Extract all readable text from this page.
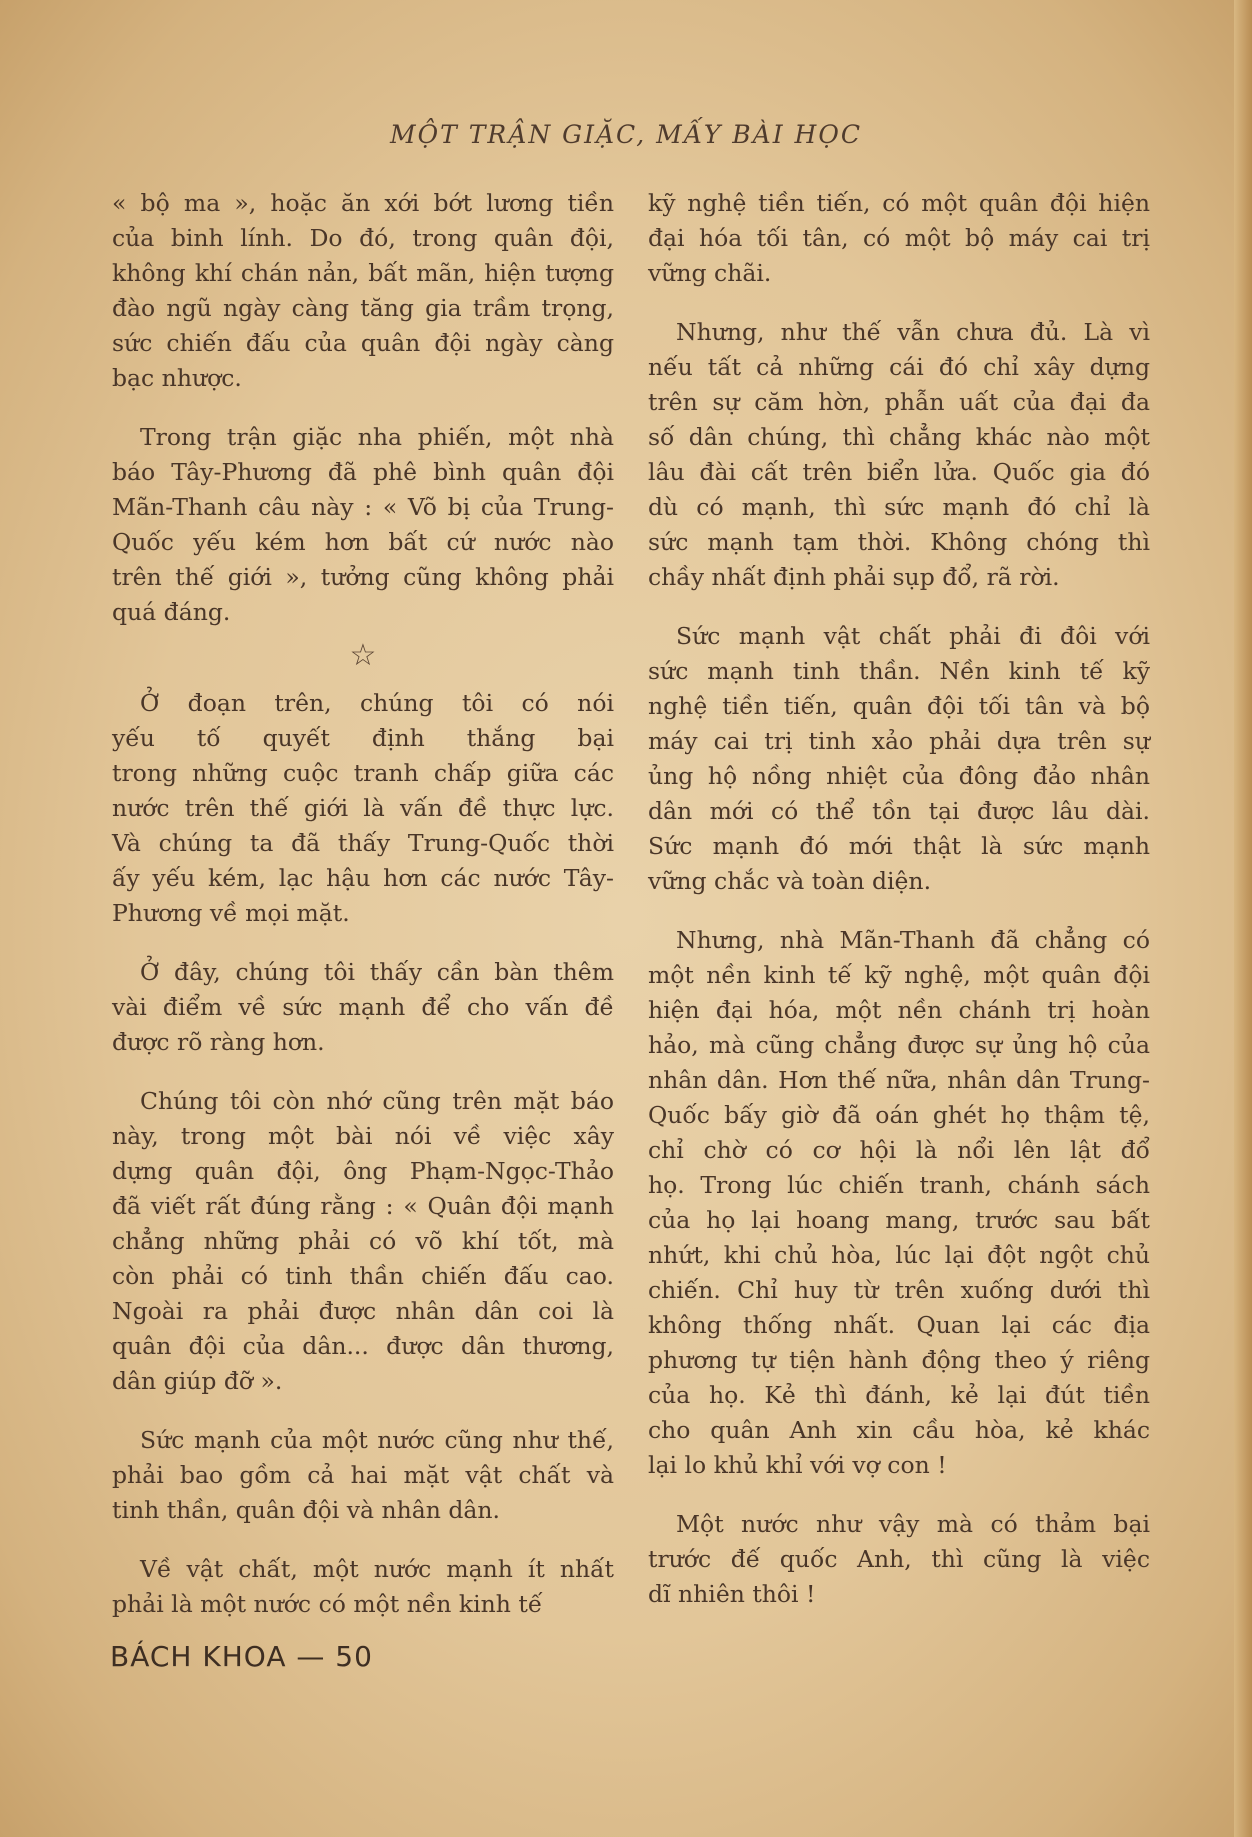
MỘT TRẬN GIẶC, MẤY BÀI HỌC
« bộ ma », hoặc ăn xới bớt lương tiền
của binh lính. Do đó, trong quân đội,
không khí chán nản, bất mãn, hiện tượng
đào ngũ ngày càng tăng gia trầm trọng,
sức chiến đấu của quân đội ngày càng
bạc nhược.
Trong trận giặc nha phiến, một nhà
báo Tây-Phương đã phê bình quân đội
Mãn-Thanh câu này : « Võ bị của Trung-
Quốc yếu kém hơn bất cứ nước nào
trên thế giới », tưởng cũng không phải
quá đáng.
☆
Ở đoạn trên, chúng tôi có nói
yếu tố quyết định thắng bại
trong những cuộc tranh chấp giữa các
nước trên thế giới là vấn đề thực lực.
Và chúng ta đã thấy Trung-Quốc thời
ấy yếu kém, lạc hậu hơn các nước Tây-
Phương về mọi mặt.
Ở đây, chúng tôi thấy cần bàn thêm
vài điểm về sức mạnh để cho vấn đề
được rõ ràng hơn.
Chúng tôi còn nhớ cũng trên mặt báo
này, trong một bài nói về việc xây
dựng quân đội, ông Phạm-Ngọc-Thảo
đã viết rất đúng rằng : « Quân đội mạnh
chẳng những phải có võ khí tốt, mà
còn phải có tinh thần chiến đấu cao.
Ngoài ra phải được nhân dân coi là
quân đội của dân... được dân thương,
dân giúp đỡ ».
Sức mạnh của một nước cũng như thế,
phải bao gồm cả hai mặt vật chất và
tinh thần, quân đội và nhân dân.
Về vật chất, một nước mạnh ít nhất
phải là một nước có một nền kinh tế
kỹ nghệ tiền tiến, có một quân đội hiện
đại hóa tối tân, có một bộ máy cai trị
vững chãi.
Nhưng, như thế vẫn chưa đủ. Là vì
nếu tất cả những cái đó chỉ xây dựng
trên sự căm hờn, phẫn uất của đại đa
số dân chúng, thì chẳng khác nào một
lâu đài cất trên biển lửa. Quốc gia đó
dù có mạnh, thì sức mạnh đó chỉ là
sức mạnh tạm thời. Không chóng thì
chầy nhất định phải sụp đổ, rã rời.
Sức mạnh vật chất phải đi đôi với
sức mạnh tinh thần. Nền kinh tế kỹ
nghệ tiền tiến, quân đội tối tân và bộ
máy cai trị tinh xảo phải dựa trên sự
ủng hộ nồng nhiệt của đông đảo nhân
dân mới có thể tồn tại được lâu dài.
Sức mạnh đó mới thật là sức mạnh
vững chắc và toàn diện.
Nhưng, nhà Mãn-Thanh đã chẳng có
một nền kinh tế kỹ nghệ, một quân đội
hiện đại hóa, một nền chánh trị hoàn
hảo, mà cũng chẳng được sự ủng hộ của
nhân dân. Hơn thế nữa, nhân dân Trung-
Quốc bấy giờ đã oán ghét họ thậm tệ,
chỉ chờ có cơ hội là nổi lên lật đổ
họ. Trong lúc chiến tranh, chánh sách
của họ lại hoang mang, trước sau bất
nhứt, khi chủ hòa, lúc lại đột ngột chủ
chiến. Chỉ huy từ trên xuống dưới thì
không thống nhất. Quan lại các địa
phương tự tiện hành động theo ý riêng
của họ. Kẻ thì đánh, kẻ lại đút tiền
cho quân Anh xin cầu hòa, kẻ khác
lại lo khủ khỉ với vợ con !
Một nước như vậy mà có thảm bại
trước đế quốc Anh, thì cũng là việc
dĩ nhiên thôi !
BÁCH KHOA — 50
